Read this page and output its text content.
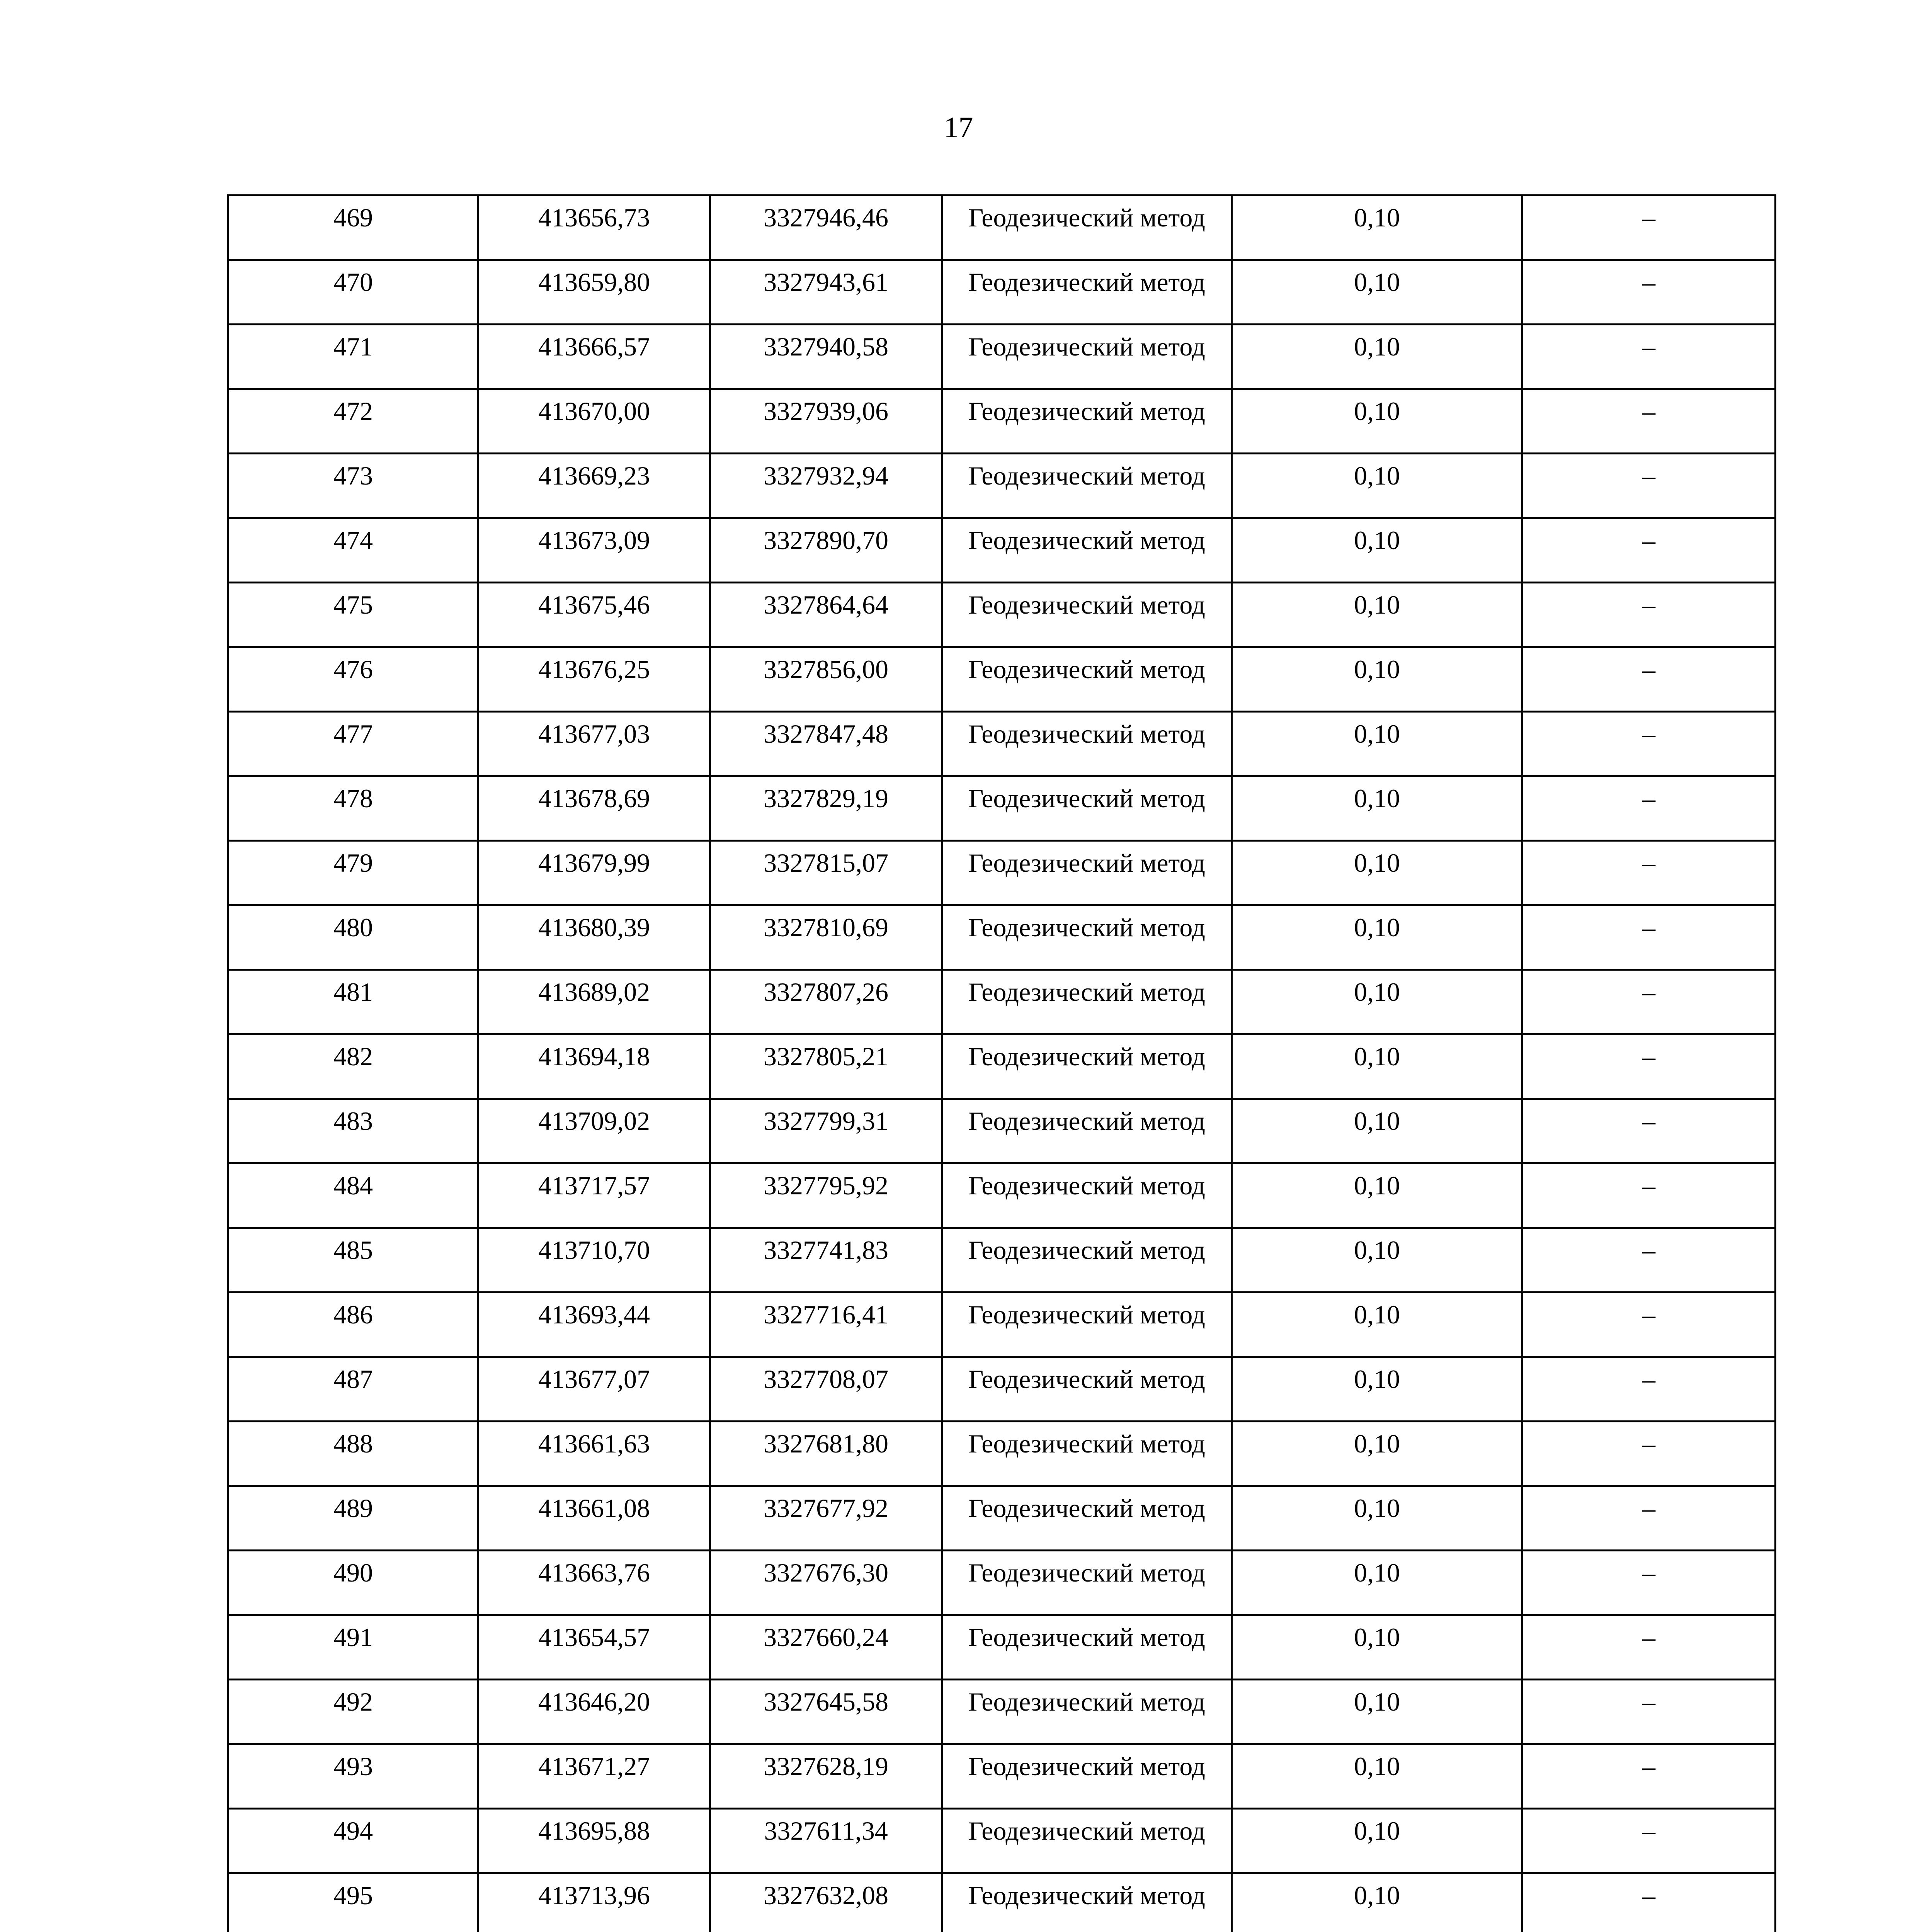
17
469	413656,73	3327946,46	Геодезический метод	0,10	–
470	413659,80	3327943,61	Геодезический метод	0,10	–
471	413666,57	3327940,58	Геодезический метод	0,10	–
472	413670,00	3327939,06	Геодезический метод	0,10	–
473	413669,23	3327932,94	Геодезический метод	0,10	–
474	413673,09	3327890,70	Геодезический метод	0,10	–
475	413675,46	3327864,64	Геодезический метод	0,10	–
476	413676,25	3327856,00	Геодезический метод	0,10	–
477	413677,03	3327847,48	Геодезический метод	0,10	–
478	413678,69	3327829,19	Геодезический метод	0,10	–
479	413679,99	3327815,07	Геодезический метод	0,10	–
480	413680,39	3327810,69	Геодезический метод	0,10	–
481	413689,02	3327807,26	Геодезический метод	0,10	–
482	413694,18	3327805,21	Геодезический метод	0,10	–
483	413709,02	3327799,31	Геодезический метод	0,10	–
484	413717,57	3327795,92	Геодезический метод	0,10	–
485	413710,70	3327741,83	Геодезический метод	0,10	–
486	413693,44	3327716,41	Геодезический метод	0,10	–
487	413677,07	3327708,07	Геодезический метод	0,10	–
488	413661,63	3327681,80	Геодезический метод	0,10	–
489	413661,08	3327677,92	Геодезический метод	0,10	–
490	413663,76	3327676,30	Геодезический метод	0,10	–
491	413654,57	3327660,24	Геодезический метод	0,10	–
492	413646,20	3327645,58	Геодезический метод	0,10	–
493	413671,27	3327628,19	Геодезический метод	0,10	–
494	413695,88	3327611,34	Геодезический метод	0,10	–
495	413713,96	3327632,08	Геодезический метод	0,10	–
